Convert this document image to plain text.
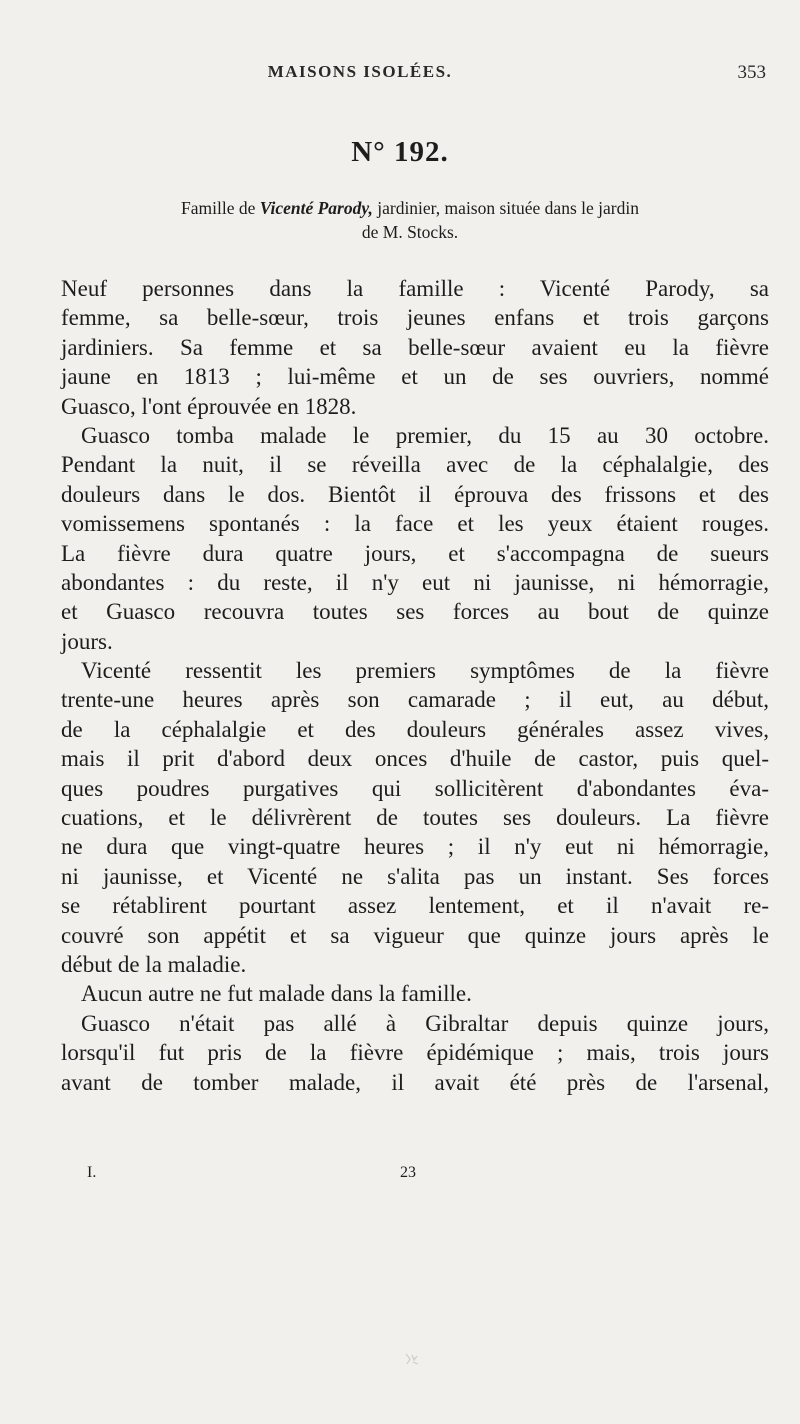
MAISONS ISOLÉES.	353
N° 192.
Famille de Vicenté Parody, jardinier, maison située dans le jardin
de M. Stocks.
Neuf personnes dans la famille : Vicenté Parody, sa
femme, sa belle-sœur, trois jeunes enfans et trois garçons
jardiniers. Sa femme et sa belle-sœur avaient eu la fièvre
jaune en 1813 ; lui-même et un de ses ouvriers, nommé
Guasco, l'ont éprouvée en 1828.
Guasco tomba malade le premier, du 15 au 30 octobre.
Pendant la nuit, il se réveilla avec de la céphalalgie, des
douleurs dans le dos. Bientôt il éprouva des frissons et des
vomissemens spontanés : la face et les yeux étaient rouges.
La fièvre dura quatre jours, et s'accompagna de sueurs
abondantes : du reste, il n'y eut ni jaunisse, ni hémorragie,
et Guasco recouvra toutes ses forces au bout de quinze
jours.
Vicenté ressentit les premiers symptômes de la fièvre
trente-une heures après son camarade ; il eut, au début,
de la céphalalgie et des douleurs générales assez vives,
mais il prit d'abord deux onces d'huile de castor, puis quel-
ques poudres purgatives qui sollicitèrent d'abondantes éva-
cuations, et le délivrèrent de toutes ses douleurs. La fièvre
ne dura que vingt-quatre heures ; il n'y eut ni hémorragie,
ni jaunisse, et Vicenté ne s'alita pas un instant. Ses forces
se rétablirent pourtant assez lentement, et il n'avait re-
couvré son appétit et sa vigueur que quinze jours après le
début de la maladie.
Aucun autre ne fut malade dans la famille.
Guasco n'était pas allé à Gibraltar depuis quinze jours,
lorsqu'il fut pris de la fièvre épidémique ; mais, trois jours
avant de tomber malade, il avait été près de l'arsenal,
I.	23
